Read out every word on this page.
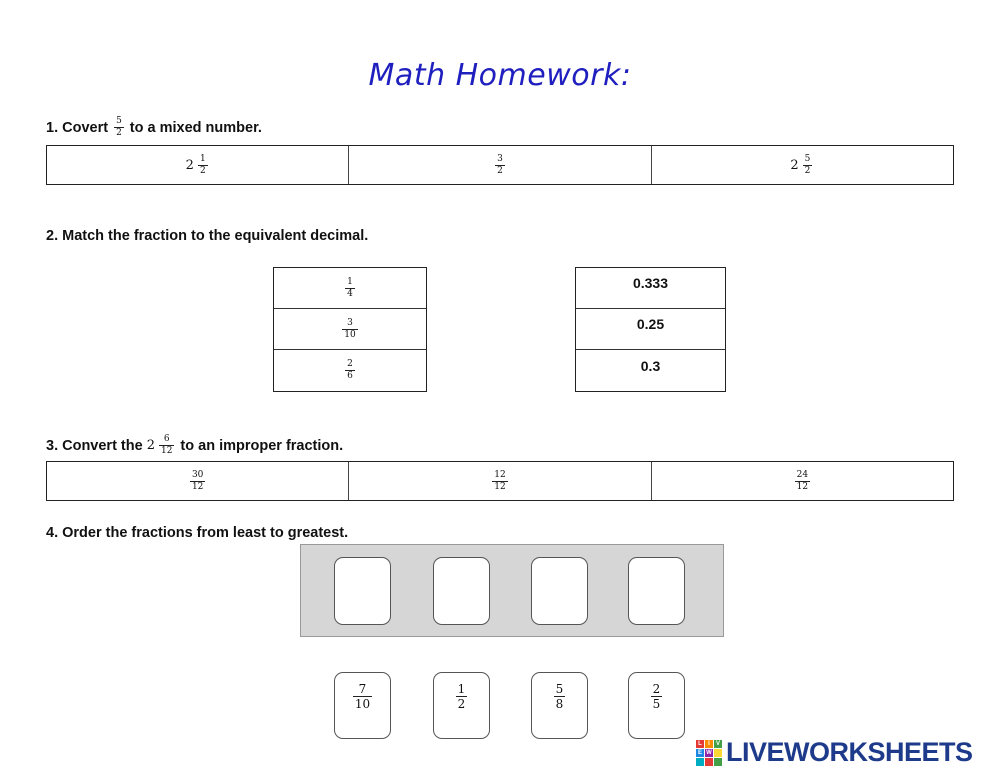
Math Homework:
1. Covert $\frac{5}{2}$ to a mixed number.
$2 \frac{1}{2}$	$\frac{3}{2}$	$2 \frac{5}{2}$
2. Match the fraction to the equivalent decimal.
$\frac{1}{4}$
$\frac{3}{10}$
$\frac{2}{6}$
0.333
0.25
0.3
3. Convert the $2 \frac{6}{12}$ to an improper fraction.
$\frac{30}{12}$	$\frac{12}{12}$	$\frac{24}{12}$
4. Order the fractions from least to greatest.
$\frac{7}{10}$	$\frac{1}{2}$	$\frac{5}{8}$	$\frac{2}{5}$
L	I	V
E W LIVEWORKSHEETS
